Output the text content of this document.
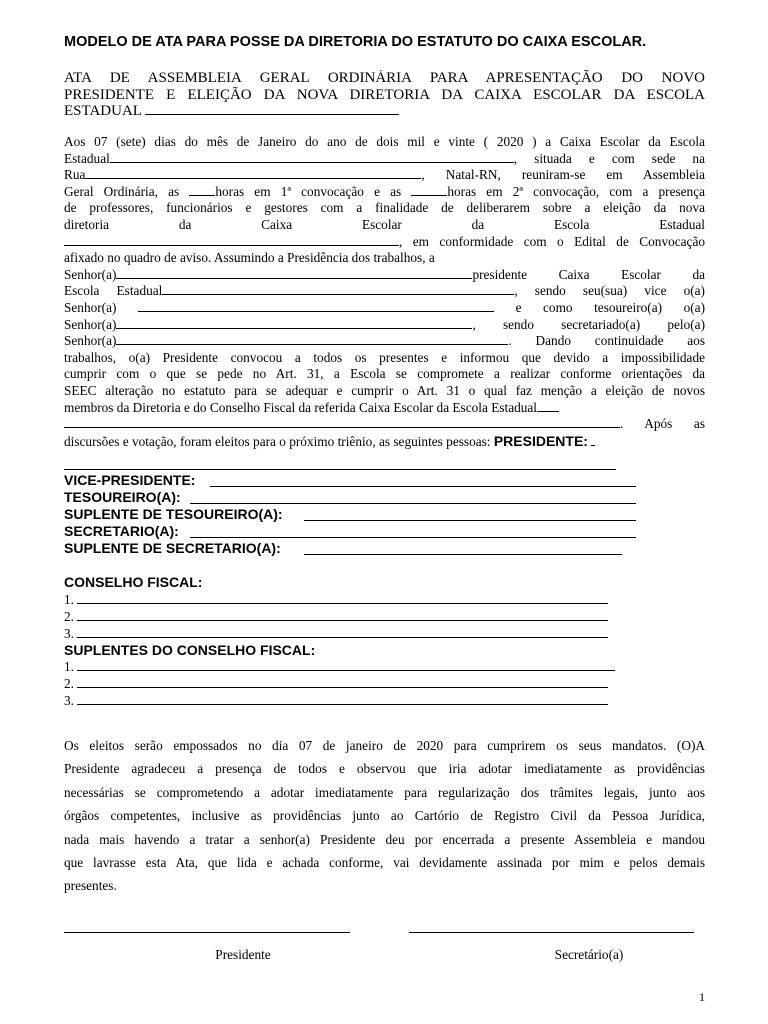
MODELO DE ATA PARA POSSE DA DIRETORIA DO ESTATUTO DO CAIXA ESCOLAR.
ATA DE ASSEMBLEIA GERAL ORDINÁRIA PARA APRESENTAÇÃO DO NOVO
PRESIDENTE E ELEIÇÃO DA NOVA DIRETORIA DA CAIXA ESCOLAR DA ESCOLA
ESTADUAL
Aos 07 (sete) dias do mês de Janeiro do ano de dois mil e vinte ( 2020 ) a Caixa Escolar da Escola
Estadual	, situada e com sede na
Rua	, Natal-RN, reuniram-se em Assembleia
Geral Ordinária, as	horas em 1ª convocação e as	horas em 2ª convocação, com a presença
de professores, funcionários e gestores com a finalidade de deliberarem sobre a eleição da nova
diretoria da Caixa Escolar da	Escola Estadual
, em conformidade com o Edital de Convocação
afixado no quadro de aviso. Assumindo a Presidência dos trabalhos, a
Senhor(a)	presidente Caixa Escolar da
Escola Estadual	, sendo seu(sua) vice o(a)
Senhor(a)	e como tesoureiro(a) o(a)
Senhor(a)	, sendo secretariado(a) pelo(a)
Senhor(a)	. Dando continuidade aos
trabalhos, o(a) Presidente convocou a todos os presentes e informou que devido a impossibilidade
cumprir com o que se pede no Art. 31, a Escola se compromete a realizar conforme orientações da
SEEC alteração no estatuto para se adequar e cumprir o Art. 31 o qual faz menção a eleição de novos
membros da Diretoria e do Conselho Fiscal da referida Caixa Escolar da Escola Estadual
. Após as
discursões e votação, foram eleitos para o próximo triênio, as seguintes pessoas: PRESIDENTE:
VICE-PRESIDENTE:
TESOUREIRO(A):
SUPLENTE DE TESOUREIRO(A):
SECRETARIO(A):
SUPLENTE DE SECRETARIO(A):
CONSELHO FISCAL:
1.
2.
3.
SUPLENTES DO CONSELHO FISCAL:
1.
2.
3.
Os eleitos serão empossados no dia 07 de janeiro de 2020 para cumprirem os seus mandatos. (O)A
Presidente agradeceu a presença de todos e observou que iria adotar imediatamente as providências
necessárias se comprometendo a adotar imediatamente para regularização dos trâmites legais, junto aos
órgãos competentes, inclusive as providências junto ao Cartório de Registro Civil da Pessoa Jurídica,
nada mais havendo a tratar a senhor(a) Presidente deu por encerrada a presente Assembleia e mandou
que lavrasse esta Ata, que lida e achada conforme, vai devidamente assinada por mim e pelos demais
presentes.
Presidente	Secretário(a)
1
